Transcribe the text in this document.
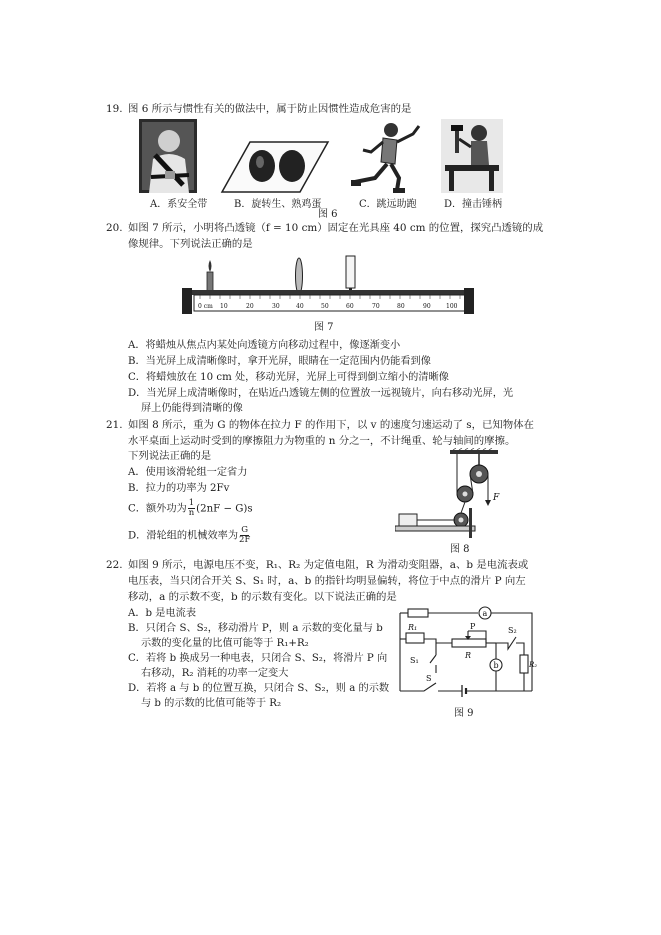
19. 图 6 所示与惯性有关的做法中，属于防止因惯性造成危害的是
A．系安全带	B．旋转生、熟鸡蛋
图 6
C．跳远助跑	D．撞击锤柄
20. 如图 7 所示，小明将凸透镜（f = 10 cm）固定在光具座 40 cm 的位置，探究凸透镜的成
像规律。下列说法正确的是
0 cm 10	20	30	40	50	60	70	80	90	100
图 7
A．将蜡烛从焦点内某处向透镜方向移动过程中，像逐渐变小
B．当光屏上成清晰像时，拿开光屏，眼睛在一定范围内仍能看到像
C．将蜡烛放在 10 cm 处，移动光屏，光屏上可得到倒立缩小的清晰像
D．当光屏上成清晰像时，在贴近凸透镜左侧的位置放一远视镜片，向右移动光屏，光
屏上仍能得到清晰的像
21. 如图 8 所示，重为 G 的物体在拉力 F 的作用下，以 v 的速度匀速运动了 s，已知物体在
水平桌面上运动时受到的摩擦阻力为物重的 n 分之一，不计绳重、轮与轴间的摩擦。
下列说法正确的是
A．使用该滑轮组一定省力
B．拉力的功率为 2Fv
C．额外功为 $\frac{1}{n} (2nF - G)s$
D．滑轮组的机械效率为 $\frac{G}{2F}$
F
图 8
22. 如图 9 所示，电源电压不变，R₁、R₂ 为定值电阻，R 为滑动变阻器，a、b 是电流表或
电压表，当只闭合开关 S、S₁ 时，a、b 的指针均明显偏转，将位于中点的滑片 P 向左
移动，a 的示数不变，b 的示数有变化。以下说法正确的是
A．b 是电流表
B．只闭合 S、S₂，移动滑片 P，则 a 示数的变化量与 b
示数的变化量的比值可能等于 R₁+R₂
C．若将 b 换成另一种电表，只闭合 S、S₂，将滑片 P 向
右移动，R₂ 消耗的功率一定变大
D．若将 a 与 b 的位置互换，只闭合 S、S₂，则 a 的示数
与 b 的示数的比值可能等于 R₂
a
R₁
S₁
P
R
b
S₂
R₂
S
图 9
